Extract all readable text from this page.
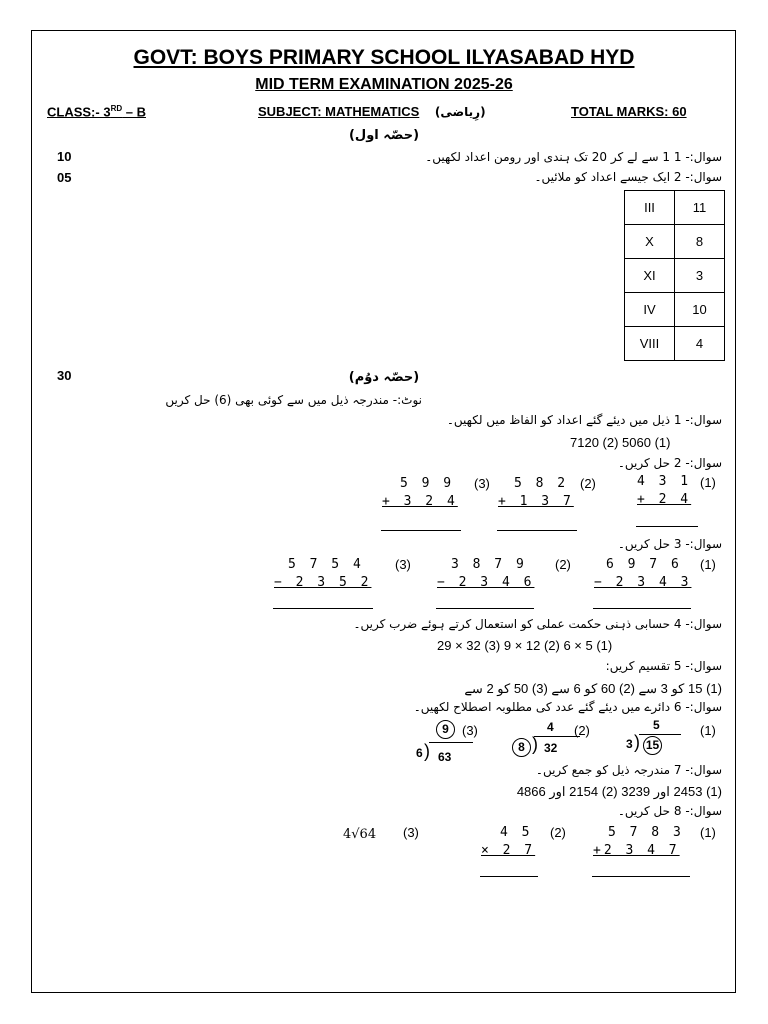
GOVT: BOYS PRIMARY SCHOOL ILYASABAD HYD
MID TERM EXAMINATION 2025-26
CLASS:- 3RD – B	SUBJECT: MATHEMATICS (رِیاضی)	TOTAL MARKS: 60
(حصّہ اول)
10
05
سوال:- 1 1 سے لے کر 20 تک ہندی اور رومن اعداد لکھیں۔
سوال:- 2 ایک جیسے اعداد کو ملائیں۔
III	11
X	8
XI	3
IV	10
VIII	4
30	(حصّہ دوُم)
نوٹ:- مندرجہ ذیل میں سے کوئی بھی (6) حل کریں
سوال:- 1 ذیل میں دیئے گئے اعداد کو الفاظ میں لکھیں۔
7120 (2) 5060 (1)
سوال:- 2 حل کریں۔
4 3 1 (1)
+ 2 4
5 8 2 (2)
+ 1 3 7
5 9 9 (3)
+ 3 2 4
سوال:- 3 حل کریں۔
6 9 7 6 (1)
− 2 3 4 3
3 8 7 9 (2)
− 2 3 4 6
5 7 5 4 (3)
− 2 3 5 2
سوال:- 4 حسابی ذہنی حکمت عملی کو استعمال کرتے ہوئے ضرب کریں۔
29 × 32 (3) 9 × 12 (2) 6 × 5 (1)
سوال:- 5 تقسیم کریں:
(1) 15 کو 3 سے (2) 60 کو 6 سے (3) 50 کو 2 سے
سوال:- 6 دائرے میں دیئے گئے عدد کی مطلوبہ اصطلاح لکھیں۔
(1)
5
3 ) 15
(2)
4
8 ) 32
(3)
9
6 ) 63
سوال:- 7 مندرجہ ذیل کو جمع کریں۔
(1) 2453 اور 3239 (2) 2154 اور 4866
سوال:- 8 حل کریں۔
5 7 8 3 (1)
+2 3 4 7
4 5 (2)
× 2 7
4√64 (3)
